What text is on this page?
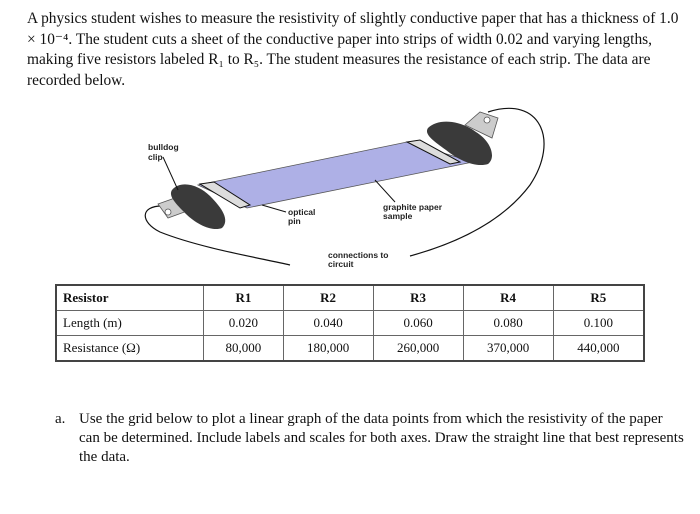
A physics student wishes to measure the resistivity of slightly conductive paper that has a thickness of 1.0 × 10⁻⁴. The student cuts a sheet of the conductive paper into strips of width 0.02 and varying lengths, making five resistors labeled R₁ to R₅. The student measures the resistance of each strip. The data are recorded below.

bulldog
clip
optical
pin
graphite paper
sample
connections to
circuit
Resistor	R1	R2	R3	R4	R5
Length (m)	0.020	0.040	0.060	0.080	0.100
Resistance (Ω)	80,000	180,000	260,000	370,000	440,000
a. Use the grid below to plot a linear graph of the data points from which the resistivity of the paper can be determined. Include labels and scales for both axes. Draw the straight line that best represents the data.
